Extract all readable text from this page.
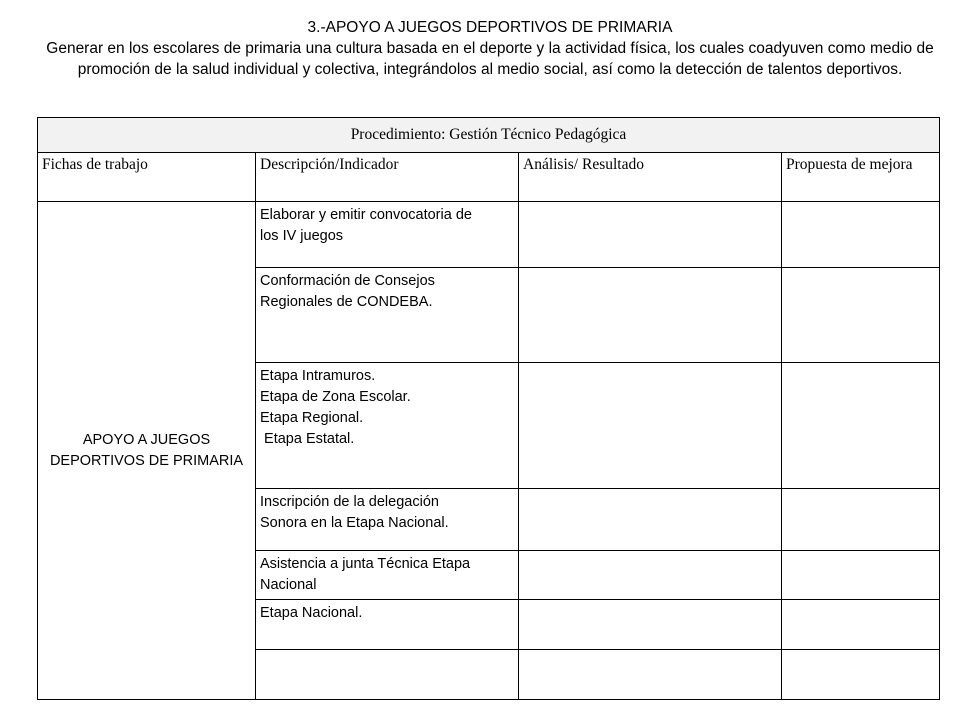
3.-APOYO A JUEGOS DEPORTIVOS DE PRIMARIA
Generar en los escolares de primaria una cultura basada en el deporte y la actividad física, los cuales coadyuven como medio de promoción de la salud individual y colectiva, integrándolos al medio social, así como la detección de talentos deportivos.
Procedimiento: Gestión Técnico Pedagógica			
Fichas de trabajo	Descripción/Indicador	Análisis/ Resultado	Propuesta de mejora
APOYO A JUEGOS DEPORTIVOS DE PRIMARIA	Elaborar y emitir convocatoria de
los IV juegos		

	Conformación de Consejos
Regionales de CONDEBA.		

	Etapa Intramuros.
Etapa de Zona Escolar.
Etapa Regional.
Etapa Estatal.		

	Inscripción de la delegación
Sonora en la Etapa Nacional.		

	Asistencia a junta Técnica Etapa
Nacional		

	Etapa Nacional.		
